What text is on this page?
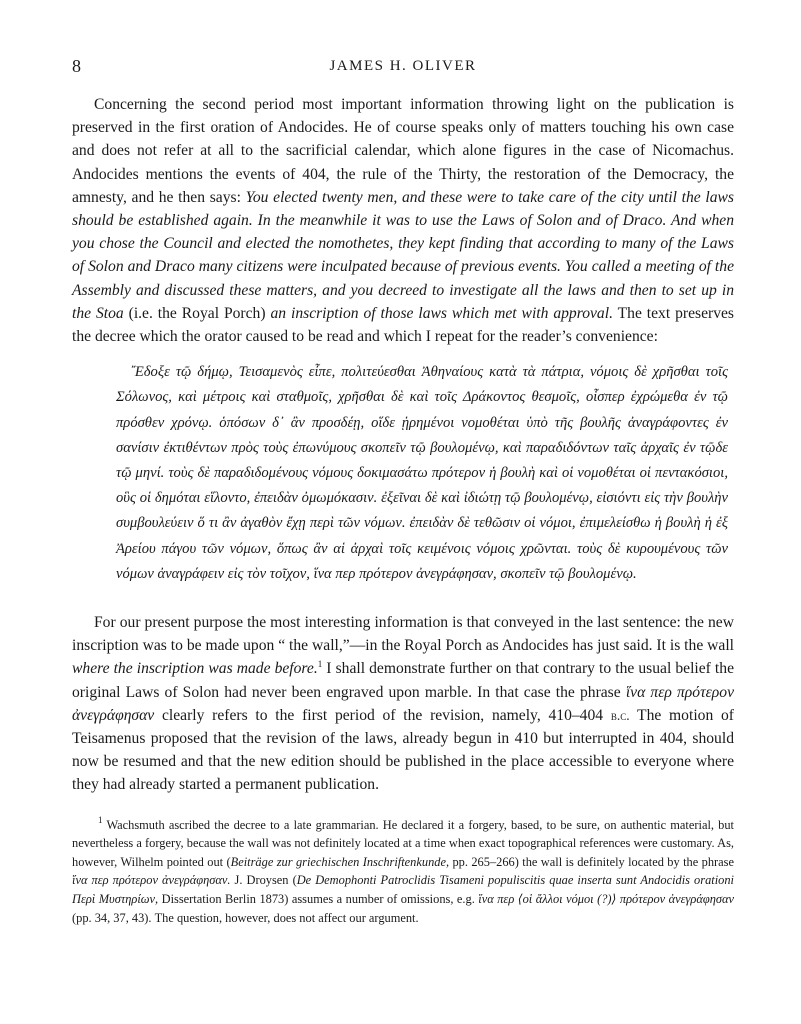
8	JAMES H. OLIVER

Concerning the second period most important information throwing light on the publication is preserved in the first oration of Andocides. He of course speaks only of matters touching his own case and does not refer at all to the sacrificial calendar, which alone figures in the case of Nicomachus. Andocides mentions the events of 404, the rule of the Thirty, the restoration of the Democracy, the amnesty, and he then says: You elected twenty men, and these were to take care of the city until the laws should be established again. In the meanwhile it was to use the Laws of Solon and of Draco. And when you chose the Council and elected the nomothetes, they kept finding that according to many of the Laws of Solon and Draco many citizens were inculpated because of previous events. You called a meeting of the Assembly and discussed these matters, and you decreed to investigate all the laws and then to set up in the Stoa (i.e. the Royal Porch) an inscription of those laws which met with approval. The text preserves the decree which the orator caused to be read and which I repeat for the reader’s convenience:

῎Εδοξε τῷ δήμῳ, Τεισαμενὸς εἶπε, πολιτεύεσθαι Ἀθηναίους κατὰ τὰ πάτρια, νόμοις δὲ χρῆσθαι τοῖς Σόλωνος, καὶ μέτροις καὶ σταθμοῖς, χρῆσθαι δὲ καὶ τοῖς Δράκοντος θεσμοῖς, οἷσπερ ἐχρώμεθα ἐν τῷ πρόσθεν χρόνῳ. ὁπόσων δ᾽ ἂν προσδέῃ, οἵδε ᾑρημένοι νομοθέται ὑπὸ τῆς βουλῆς ἀναγράφοντες ἐν σανίσιν ἐκτιθέντων πρὸς τοὺς ἐπωνύμους σκοπεῖν τῷ βουλομένῳ, καὶ παραδιδόντων ταῖς ἀρχαῖς ἐν τῷδε τῷ μηνί. τοὺς δὲ παραδιδομένους νόμους δοκιμασάτω πρότερον ἡ βουλὴ καὶ οἱ νομοθέται οἱ πεντακόσιοι, οὓς οἱ δημόται εἵλοντο, ἐπειδὰν ὀμωμόκασιν. ἐξεῖναι δὲ καὶ ἰδιώτῃ τῷ βουλομένῳ, εἰσιόντι εἰς τὴν βουλὴν συμβουλεύειν ὅ τι ἂν ἀγαθὸν ἔχῃ περὶ τῶν νόμων. ἐπειδὰν δὲ τεθῶσιν οἱ νόμοι, ἐπιμελείσθω ἡ βουλὴ ἡ ἐξ Ἀρείου πάγου τῶν νόμων, ὅπως ἂν αἱ ἀρχαὶ τοῖς κειμένοις νόμοις χρῶνται. τοὺς δὲ κυρουμένους τῶν νόμων ἀναγράφειν εἰς τὸν τοῖχον, ἵνα περ πρότερον ἀνεγράφησαν, σκοπεῖν τῷ βουλομένῳ.

For our present purpose the most interesting information is that conveyed in the last sentence: the new inscription was to be made upon “ the wall,”—in the Royal Porch as Andocides has just said. It is the wall where the inscription was made before.$^1$ I shall demonstrate further on that contrary to the usual belief the original Laws of Solon had never been engraved upon marble. In that case the phrase ἵνα περ πρότερον ἀνεγράφησαν clearly refers to the first period of the revision, namely, 410–404 b.c. The motion of Teisamenus proposed that the revision of the laws, already begun in 410 but interrupted in 404, should now be resumed and that the new edition should be published in the place accessible to everyone where they had already started a permanent publication.

$^1$ Wachsmuth ascribed the decree to a late grammarian. He declared it a forgery, based, to be sure, on authentic material, but nevertheless a forgery, because the wall was not definitely located at a time when exact topographical references were customary. As, however, Wilhelm pointed out (Beiträge zur griechischen Inschriftenkunde, pp. 265–266) the wall is definitely located by the phrase ἵνα περ πρότερον ἀνεγράφησαν. J. Droysen (De Demophonti Patroclidis Tisameni populiscitis quae inserta sunt Andocidis orationi Περὶ Μυστηρίων, Dissertation Berlin 1873) assumes a number of omissions, e.g. ἵνα περ ⟨οἱ ἄλλοι νόμοι (?)⟩ πρότερον ἀνεγράφησαν (pp. 34, 37, 43). The question, however, does not affect our argument.
